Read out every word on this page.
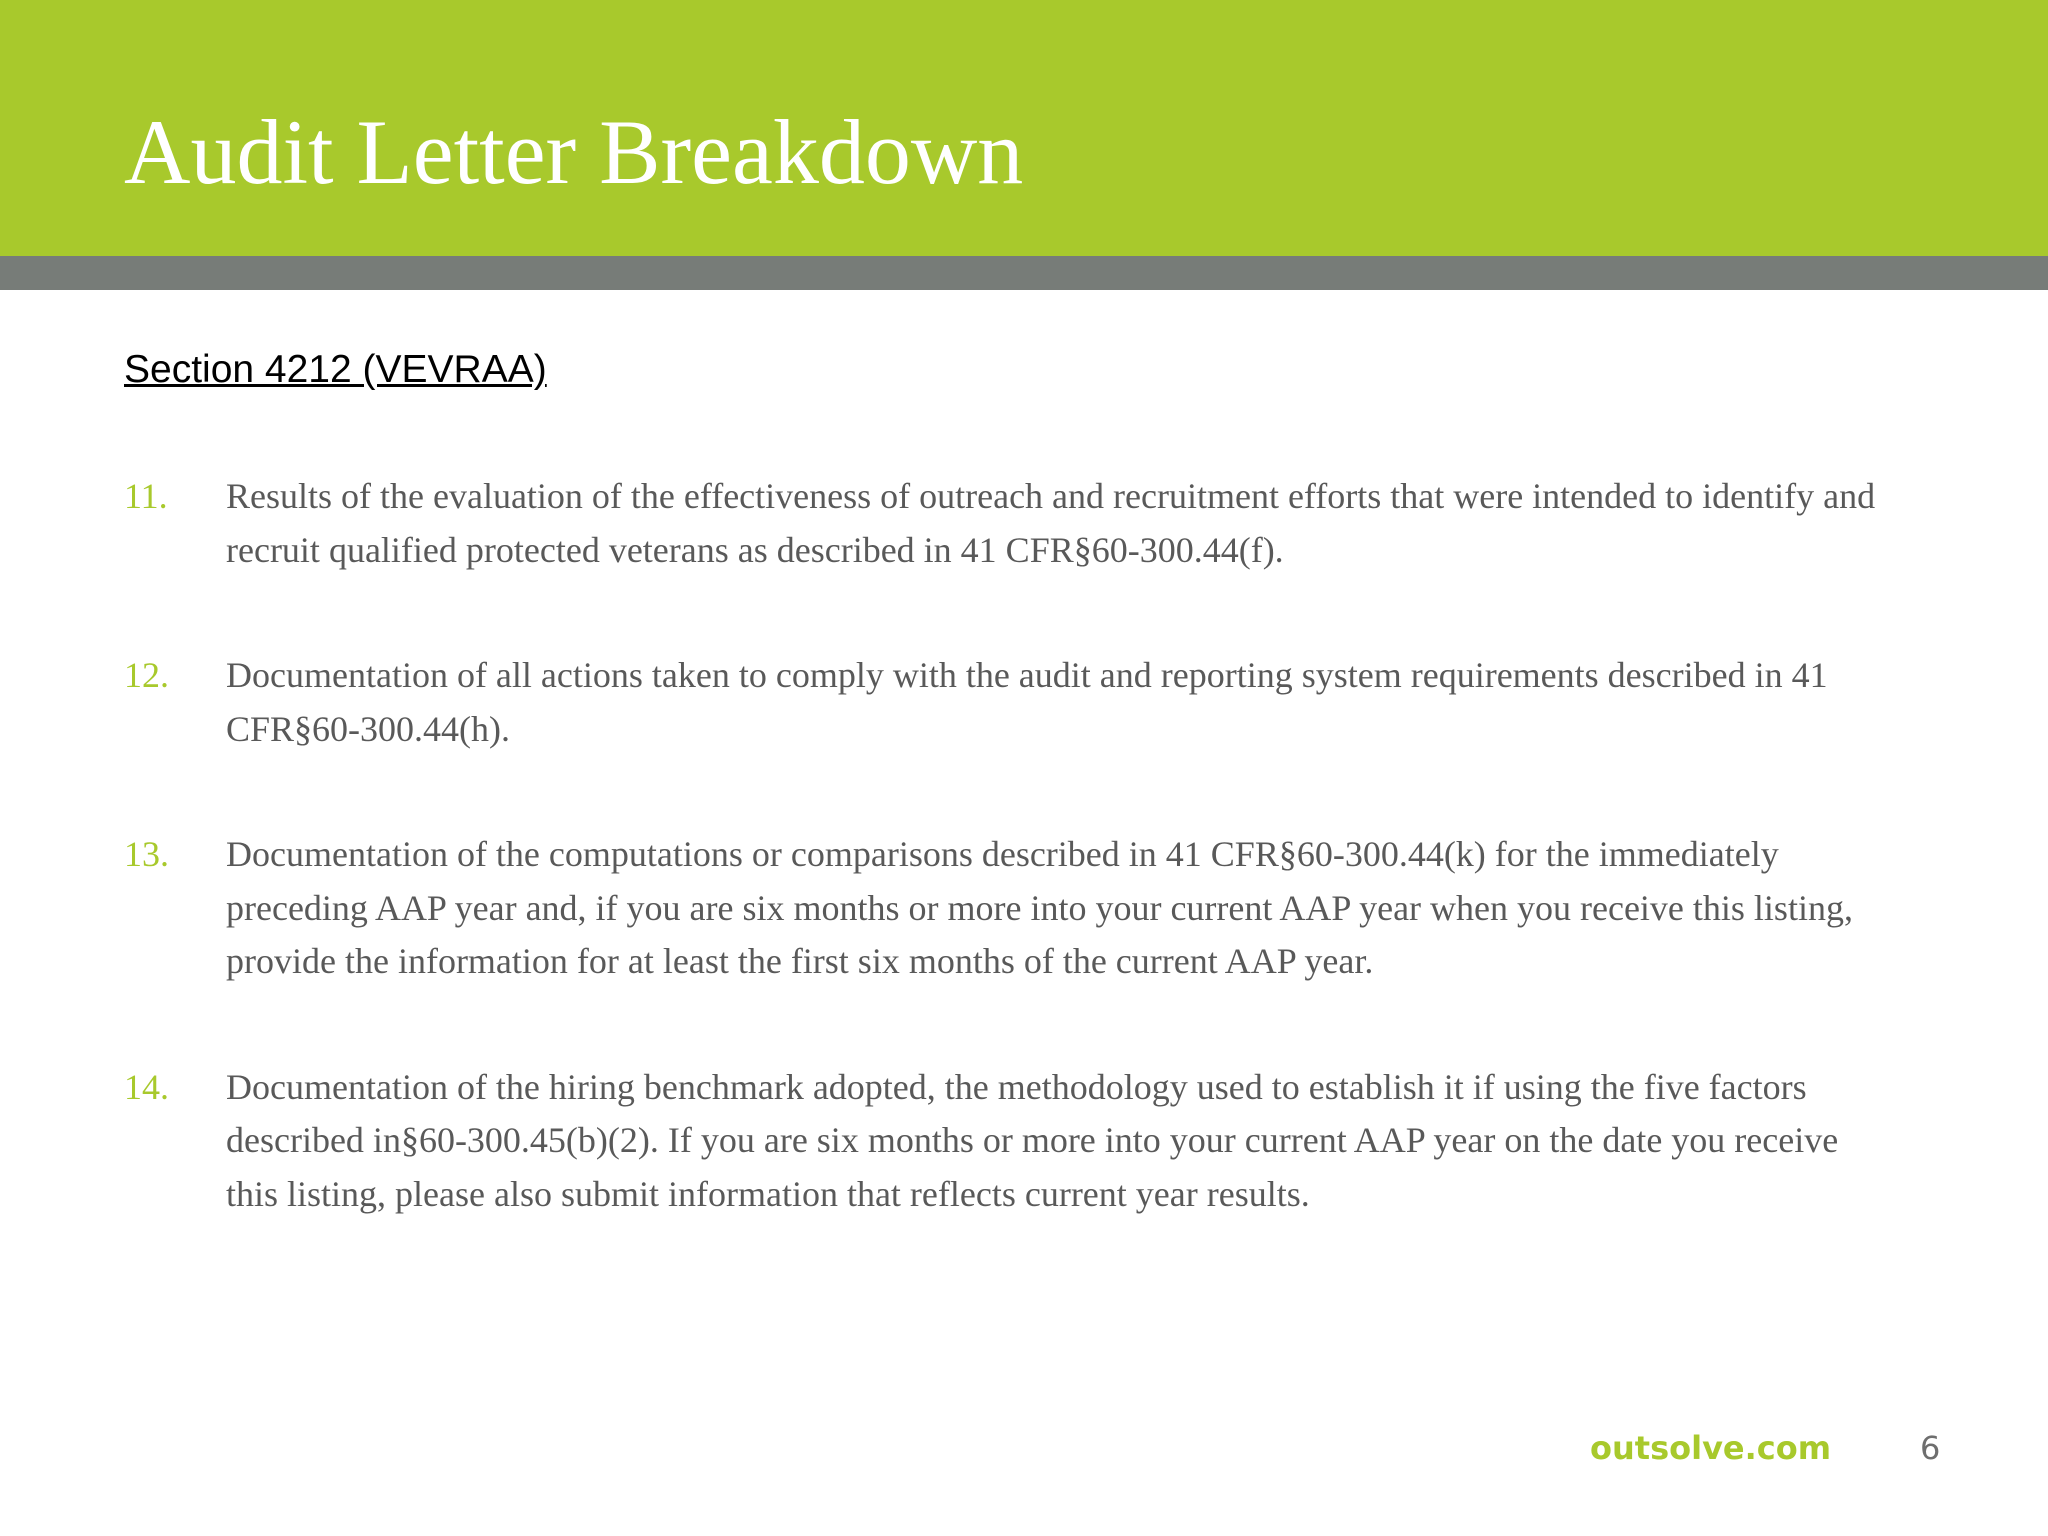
Audit Letter Breakdown
Section 4212 (VEVRAA)
11. Results of the evaluation of the effectiveness of outreach and recruitment efforts that were intended to identify and recruit qualified protected veterans as described in 41 CFR§60-300.44(f).
12. Documentation of all actions taken to comply with the audit and reporting system requirements described in 41 CFR§60-300.44(h).
13. Documentation of the computations or comparisons described in 41 CFR§60-300.44(k) for the immediately preceding AAP year and, if you are six months or more into your current AAP year when you receive this listing, provide the information for at least the first six months of the current AAP year.
14. Documentation of the hiring benchmark adopted, the methodology used to establish it if using the five factors described in§60-300.45(b)(2). If you are six months or more into your current AAP year on the date you receive this listing, please also submit information that reflects current year results.
outsolve.com	6
